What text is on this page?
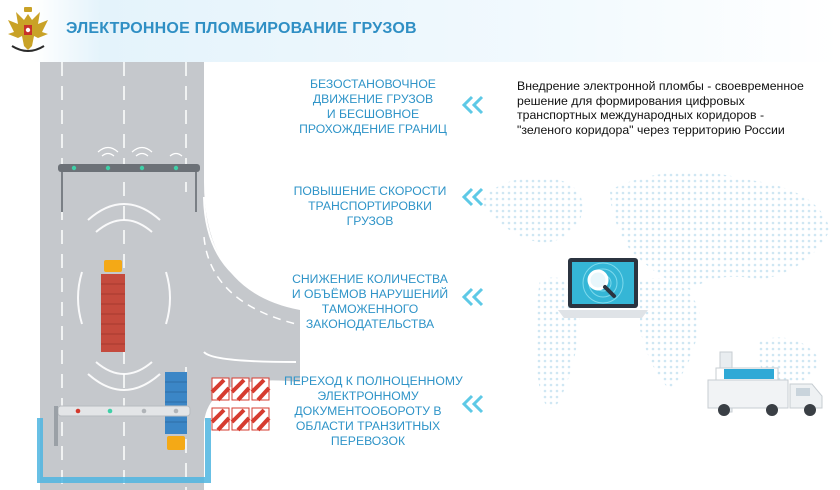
ЭЛЕКТРОННОЕ ПЛОМБИРОВАНИЕ ГРУЗОВ
Внедрение электронной пломбы - своевременное
решение для формирования цифровых
транспортных международных коридоров -
"зеленого коридора" через территорию России
БЕЗОСТАНОВОЧНОЕ
ДВИЖЕНИЕ ГРУЗОВ
И БЕСШОВНОЕ
ПРОХОЖДЕНИЕ ГРАНИЦ
ПОВЫШЕНИЕ СКОРОСТИ
ТРАНСПОРТИРОВКИ
ГРУЗОВ
СНИЖЕНИЕ КОЛИЧЕСТВА
И ОБЪЁМОВ НАРУШЕНИЙ
ТАМОЖЕННОГО
ЗАКОНОДАТЕЛЬСТВА
ПЕРЕХОД К ПОЛНОЦЕННОМУ
ЭЛЕКТРОННОМУ
ДОКУМЕНТООБОРОТУ В
ОБЛАСТИ ТРАНЗИТНЫХ
ПЕРЕВОЗОК
